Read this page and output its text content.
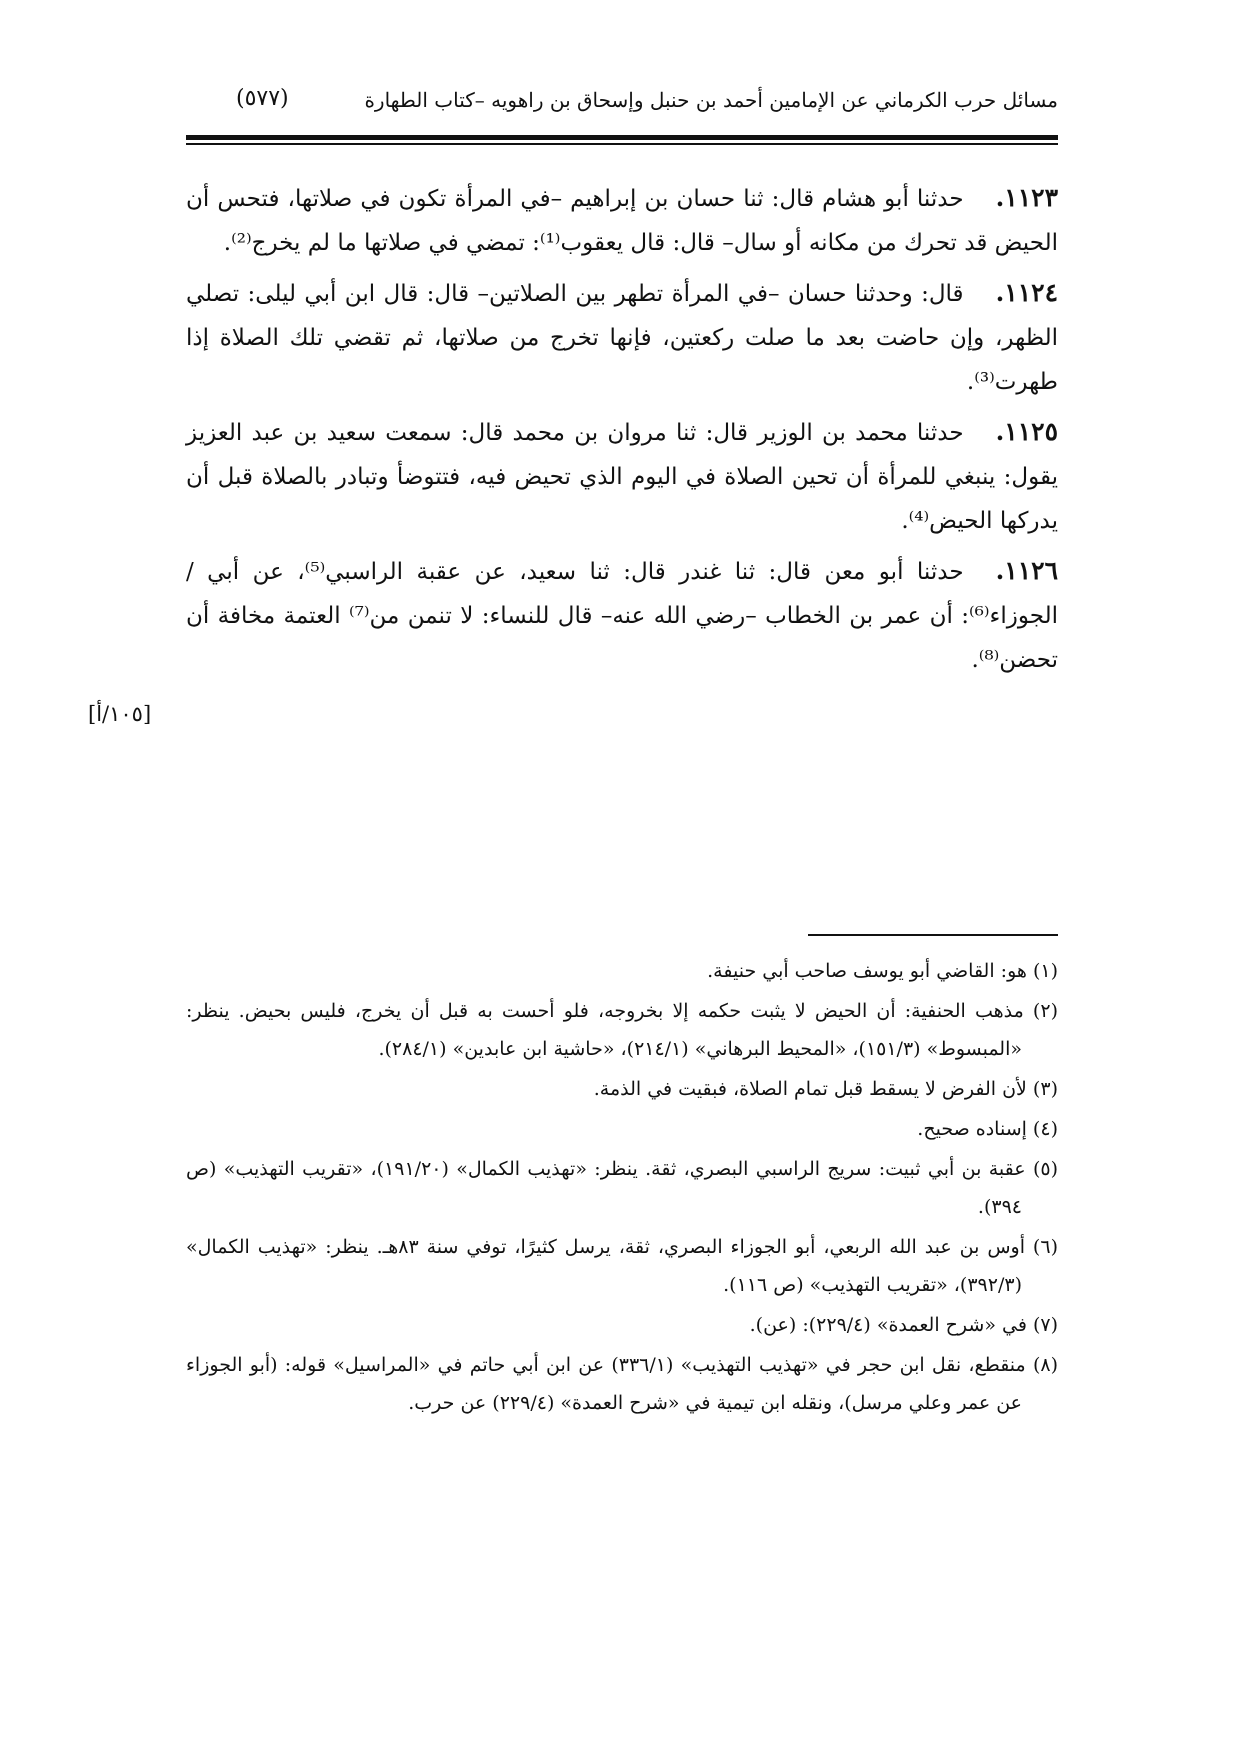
مسائل حرب الكرماني عن الإمامين أحمد بن حنبل وإسحاق بن راهويه –كتاب الطهارة
(٥٧٧)
١١٢٣.حدثنا أبو هشام قال: ثنا حسان بن إبراهيم –في المرأة تكون في صلاتها، فتحس أن الحيض قد تحرك من مكانه أو سال– قال: قال يعقوب⁽¹⁾: تمضي في صلاتها ما لم يخرج⁽²⁾.
١١٢٤.قال: وحدثنا حسان –في المرأة تطهر بين الصلاتين– قال: قال ابن أبي ليلى: تصلي الظهر، وإن حاضت بعد ما صلت ركعتين، فإنها تخرج من صلاتها، ثم تقضي تلك الصلاة إذا طهرت⁽³⁾.
١١٢٥.حدثنا محمد بن الوزير قال: ثنا مروان بن محمد قال: سمعت سعيد بن عبد العزيز يقول: ينبغي للمرأة أن تحين الصلاة في اليوم الذي تحيض فيه، فتتوضأ وتبادر بالصلاة قبل أن يدركها الحيض⁽⁴⁾.
١١٢٦.حدثنا أبو معن قال: ثنا غندر قال: ثنا سعيد، عن عقبة الراسبي⁽⁵⁾، عن أبي / الجوزاء⁽⁶⁾: أن عمر بن الخطاب –رضي الله عنه– قال للنساء: لا تنمن من⁽⁷⁾ العتمة مخافة أن تحضن⁽⁸⁾.
[١٠٥/أ]
(١) هو: القاضي أبو يوسف صاحب أبي حنيفة.
(٢) مذهب الحنفية: أن الحيض لا يثبت حكمه إلا بخروجه، فلو أحست به قبل أن يخرج، فليس بحيض. ينظر: «المبسوط» (١٥١/٣)، «المحيط البرهاني» (٢١٤/١)، «حاشية ابن عابدين» (٢٨٤/١).
(٣) لأن الفرض لا يسقط قبل تمام الصلاة، فبقيت في الذمة.
(٤) إسناده صحيح.
(٥) عقبة بن أبي ثبيت: سريج الراسبي البصري، ثقة. ينظر: «تهذيب الكمال» (١٩١/٢٠)، «تقريب التهذيب» (ص ٣٩٤).
(٦) أوس بن عبد الله الربعي، أبو الجوزاء البصري، ثقة، يرسل كثيرًا، توفي سنة ٨٣هـ. ينظر: «تهذيب الكمال» (٣٩٢/٣)، «تقريب التهذيب» (ص ١١٦).
(٧) في «شرح العمدة» (٢٢٩/٤): (عن).
(٨) منقطع، نقل ابن حجر في «تهذيب التهذيب» (٣٣٦/١) عن ابن أبي حاتم في «المراسيل» قوله: (أبو الجوزاء عن عمر وعلي مرسل)، ونقله ابن تيمية في «شرح العمدة» (٢٢٩/٤) عن حرب.
